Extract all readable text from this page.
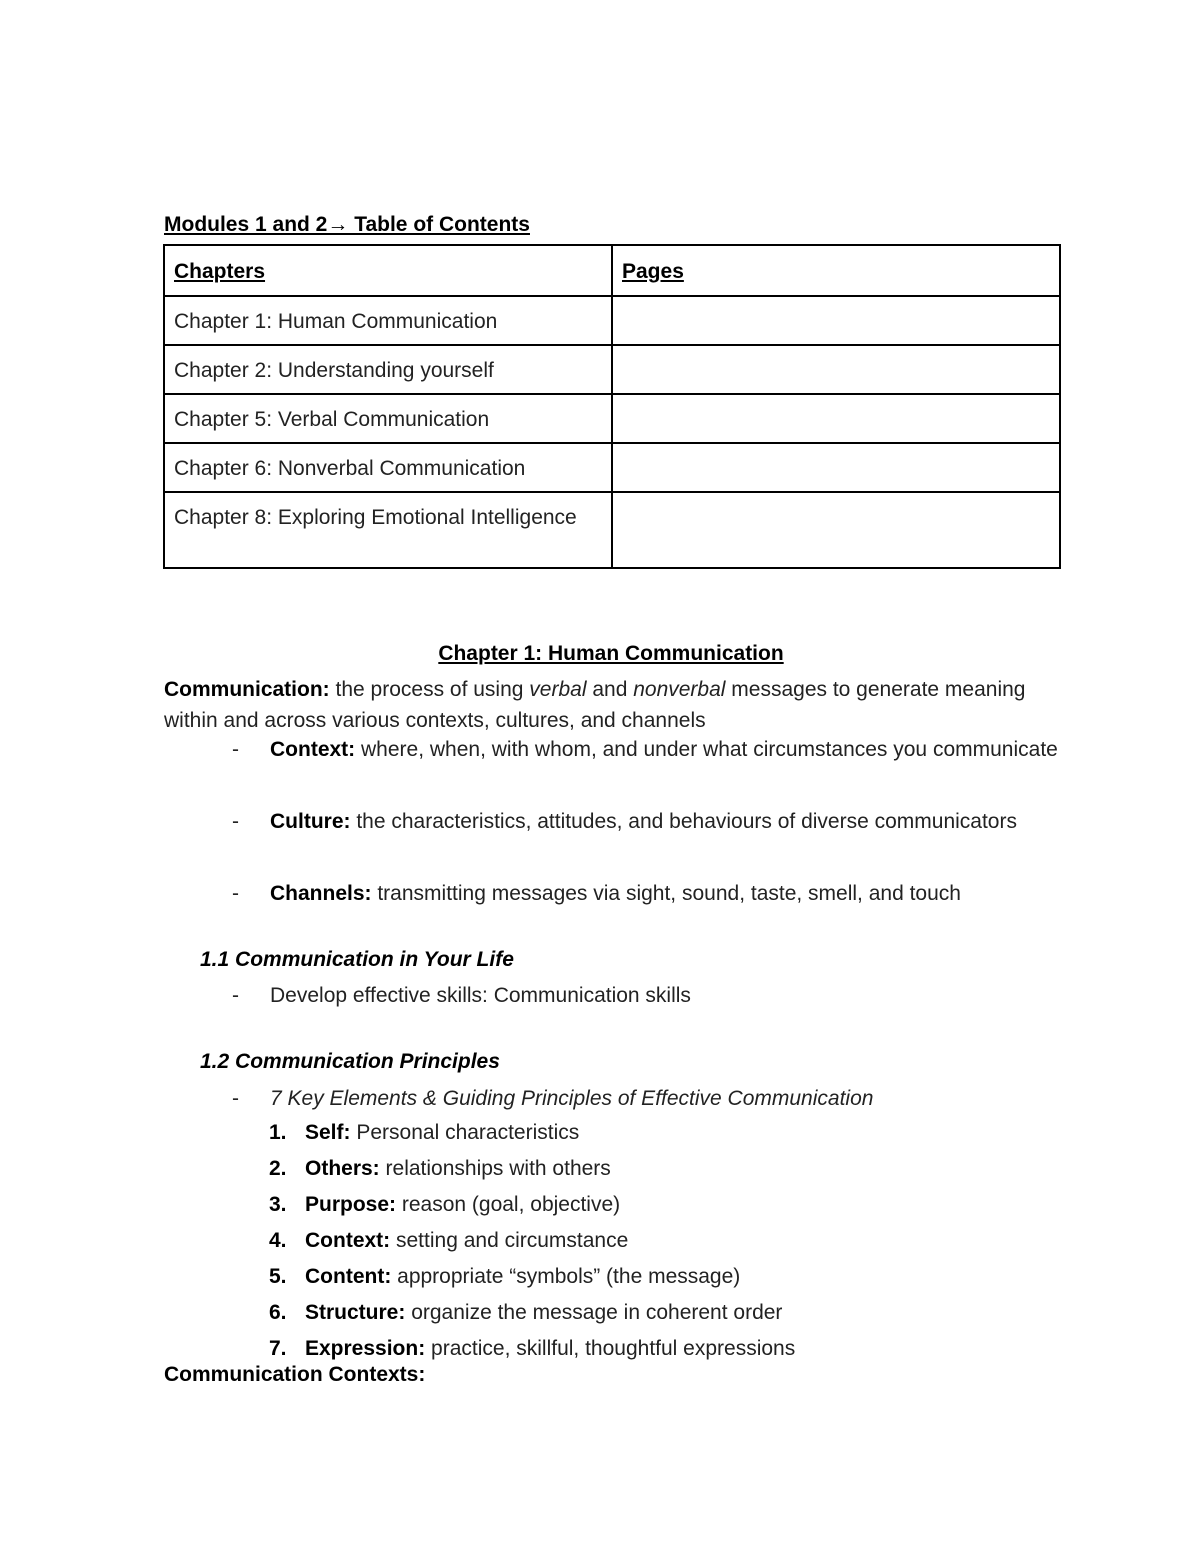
Modules 1 and 2→ Table of Contents
Chapters	Pages
Chapter 1: Human Communication	
Chapter 2: Understanding yourself	
Chapter 5: Verbal Communication	
Chapter 6: Nonverbal Communication	
Chapter 8: Exploring Emotional Intelligence	
Chapter 1: Human Communication
Communication: the process of using verbal and nonverbal messages to generate meaning within and across various contexts, cultures, and channels
- Context: where, when, with whom, and under what circumstances you communicate
- Culture: the characteristics, attitudes, and behaviours of diverse communicators
- Channels: transmitting messages via sight, sound, taste, smell, and touch
1.1 Communication in Your Life
- Develop effective skills: Communication skills
1.2 Communication Principles
- 7 Key Elements & Guiding Principles of Effective Communication
1. Self: Personal characteristics
2. Others: relationships with others
3. Purpose: reason (goal, objective)
4. Context: setting and circumstance
5. Content: appropriate “symbols” (the message)
6. Structure: organize the message in coherent order
7. Expression: practice, skillful, thoughtful expressions
Communication Contexts:
